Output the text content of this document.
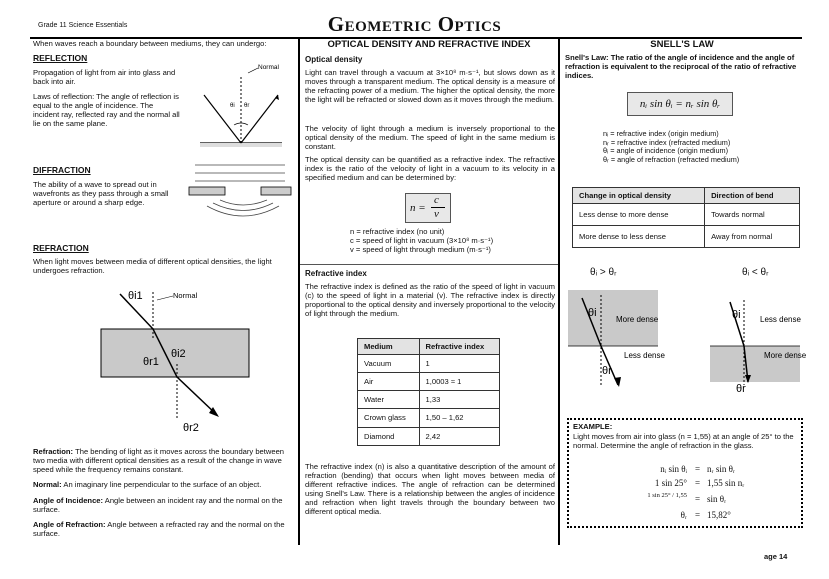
Grade 11 Science Essentials	Geometric Optics
When waves reach a boundary between mediums, they can undergo:
REFLECTION
Propagation of light from air into glass and back into air.
Laws of reflection: The angle of reflection is equal to the angle of incidence. The incident ray, reflected ray and the normal all lie on the same plane.
θi θr
Normal
DIFFRACTION
The ability of a wave to spread out in wavefronts as they pass through a small aperture or around a sharp edge.
REFRACTION
When light moves between media of different optical densities, the light undergoes refraction.
θi1
θr1
θi2
θr2
Normal
Refraction: The bending of light as it moves across the boundary between two media with different optical densities as a result of the change in wave speed while the frequency remains constant.
Normal: An imaginary line perpendicular to the surface of an object.
Angle of Incidence: Angle between an incident ray and the normal on the surface.
Angle of Refraction: Angle between a refracted ray and the normal on the surface.
OPTICAL DENSITY AND REFRACTIVE INDEX
Optical density
Light can travel through a vacuum at 3×10⁸ m·s⁻¹, but slows down as it moves through a transparent medium. The optical density is a measure of the refracting power of a medium. The higher the optical density, the more the light will be refracted or slowed down as it moves through the medium.
The velocity of light through a medium is inversely proportional to the optical density of the medium. The speed of light in the same medium is constant.
The optical density can be quantified as a refractive index. The refractive index is the ratio of the velocity of light in a vacuum to its velocity in a specified medium and can be determined by:
n =
c
v
n = refractive index (no unit)
c = speed of light in vacuum (3×10⁸ m·s⁻¹)
v = speed of light through medium (m·s⁻¹)
Refractive index
The refractive index is defined as the ratio of the speed of light in vacuum (c) to the speed of light in a material (v). The refractive index is directly proportional to the optical density and inversely proportional to the velocity of light through the medium.
Medium	Refractive index
Vacuum	1
Air	1,0003 ≈ 1
Water	1,33
Crown glass	1,50 – 1,62
Diamond	2,42
The refractive index (n) is also a quantitative description of the amount of refraction (bending) that occurs when light moves between media of different refractive indices. The angle of refraction can be determined using Snell's Law. There is a relationship between the angles of incidence and refraction when light travels through the boundary between two different optical media.
SNELL'S LAW
Snell's Law: The ratio of the angle of incidence and the angle of refraction is equivalent to the reciprocal of the ratio of refractive indices.
nᵢ sin θᵢ = nᵣ sin θᵣ
nᵢ = refractive index (origin medium)
nᵣ = refractive index (refracted medium)
θᵢ = angle of incidence (origin medium)
θᵣ = angle of refraction (refracted medium)
Change in optical density	Direction of bend
Less dense to more dense	Towards normal
More dense to less dense	Away from normal
θᵢ > θᵣ	θᵢ < θᵣ
θi
More dense
Less dense
θr
θi Less dense
More dense
θr
EXAMPLE:
Light moves from air into glass (n = 1,55) at an angle of 25° to the normal. Determine the angle of refraction in the glass.
nᵢ sin θᵢ = nᵣ sin θᵣ
1 sin 25° = 1,55 sin nᵣ
1 sin 25° / 1,55 = sin θᵣ
θᵣ = 15,82°
age 14
